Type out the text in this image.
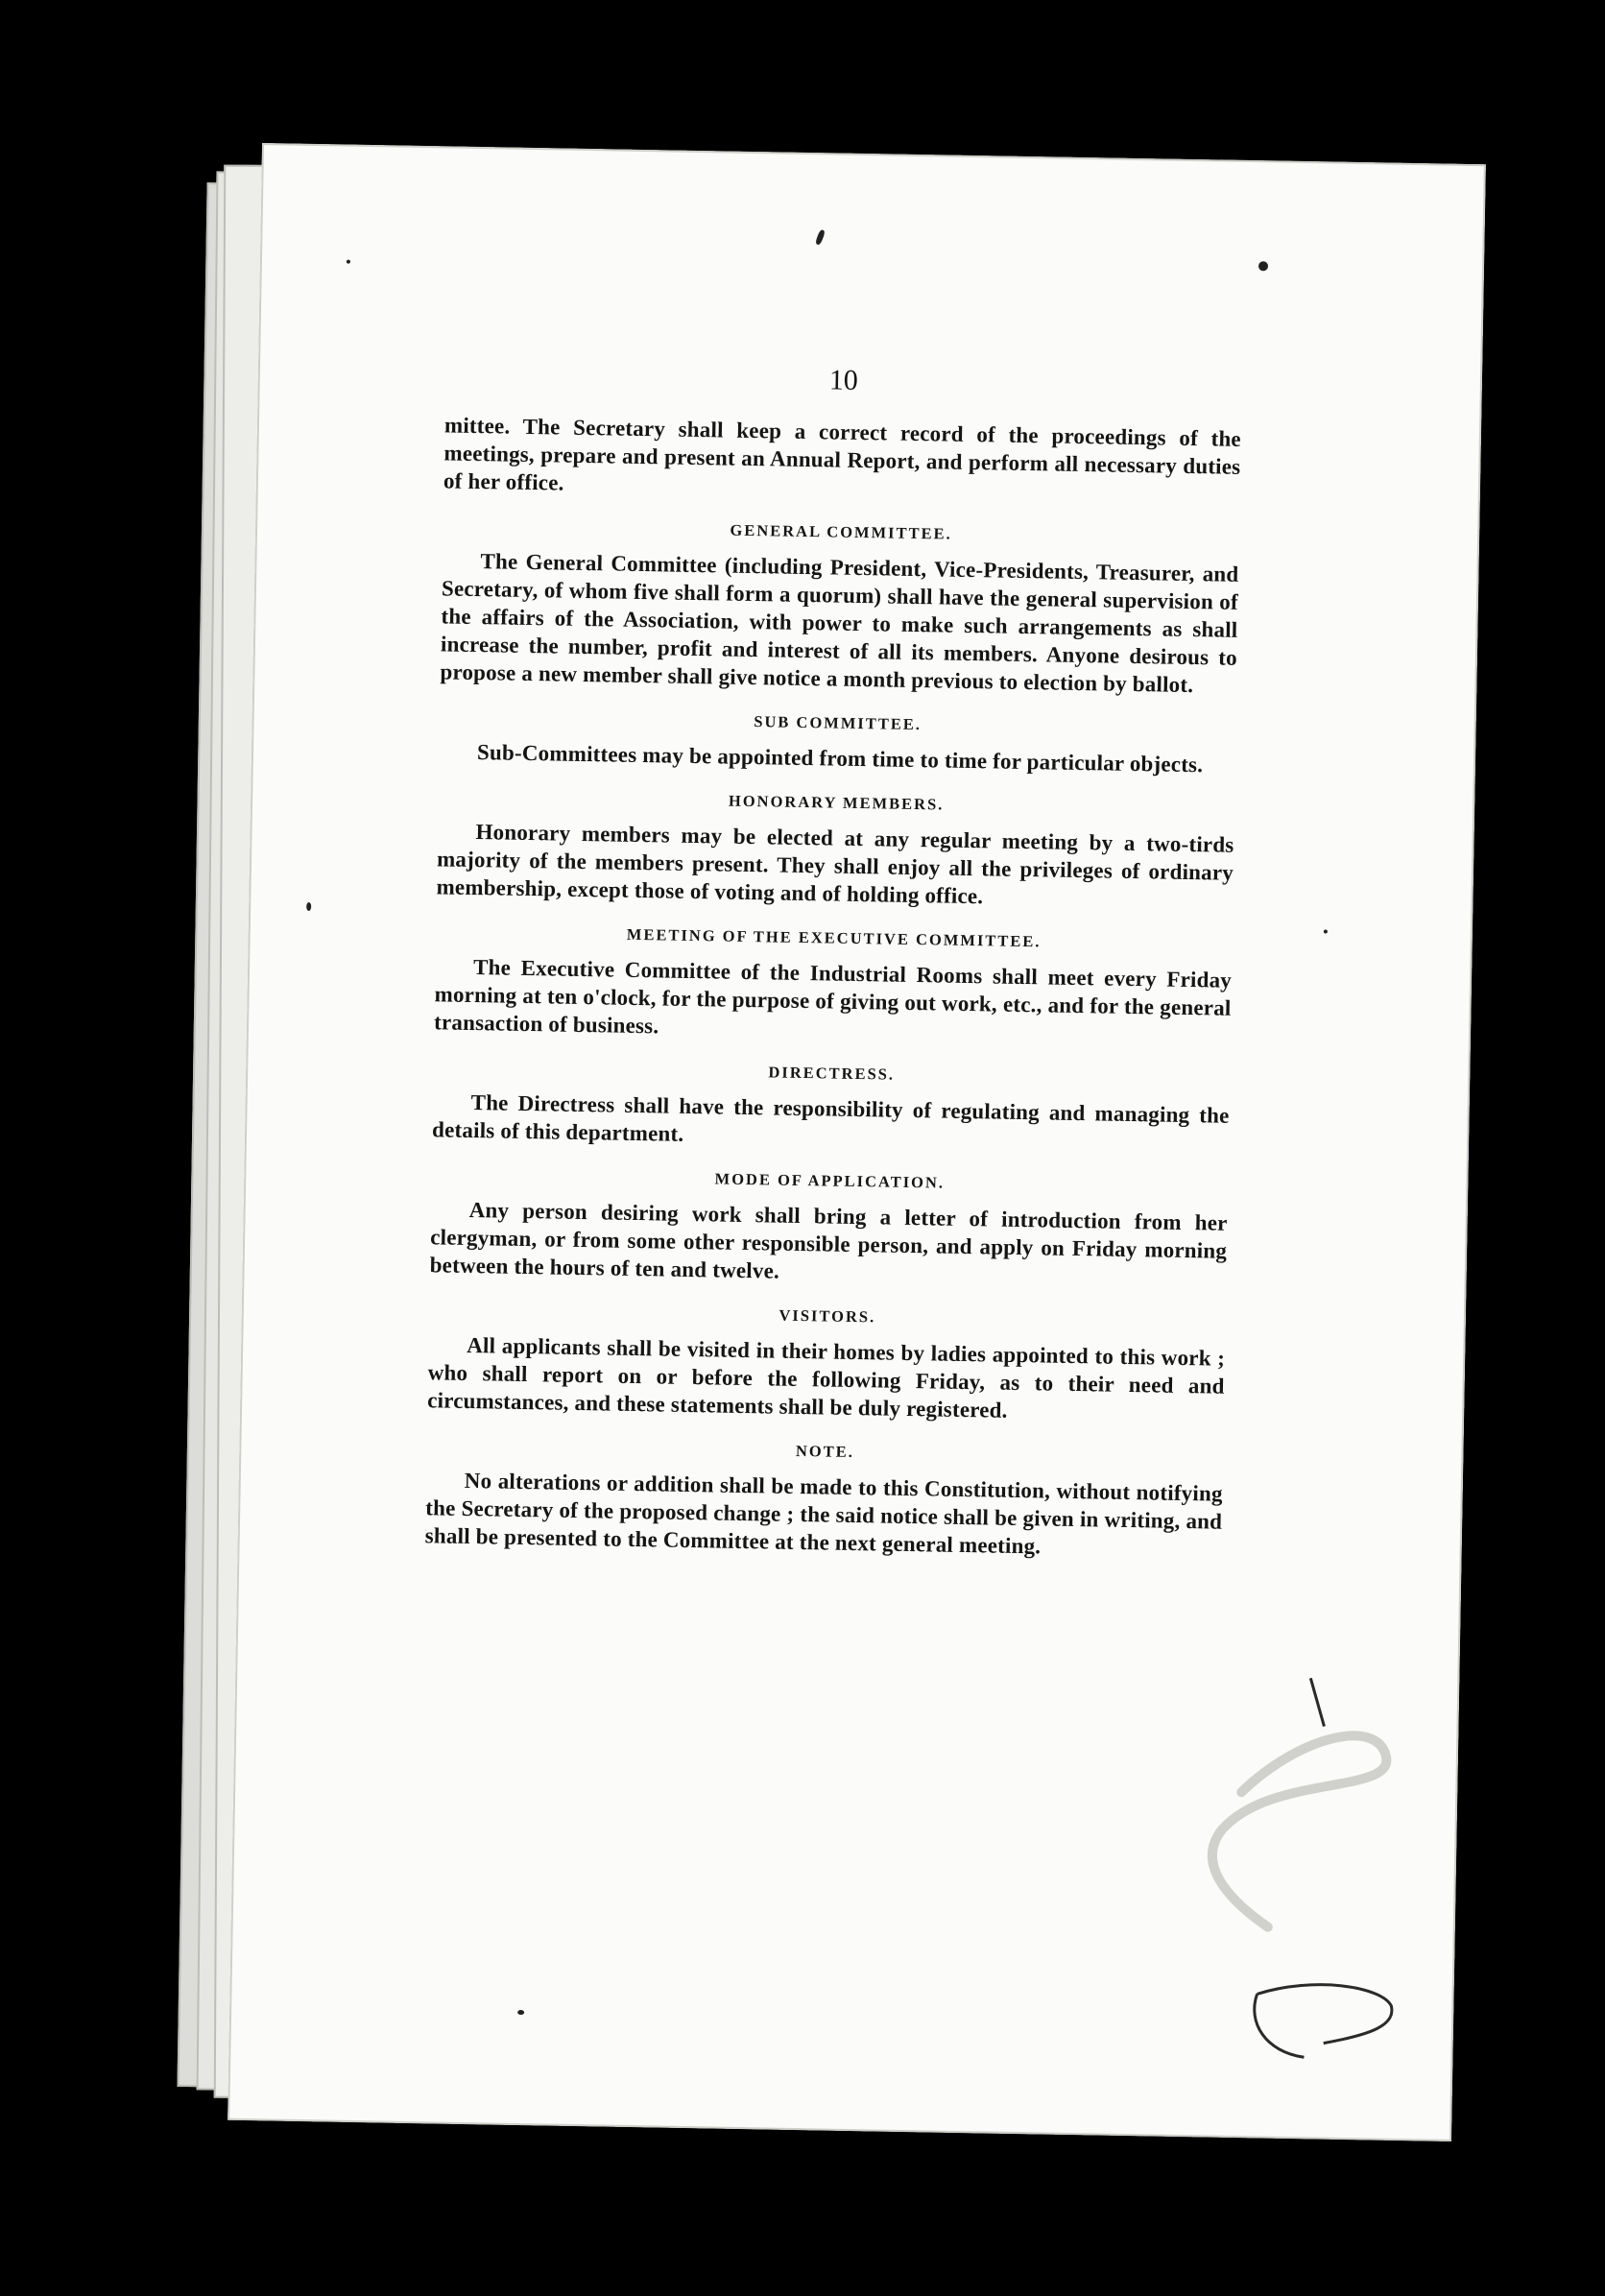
10

mittee. The Secretary shall keep a correct record of the proceedings of the meetings, prepare and present an Annual Report, and perform all necessary duties of her office.

GENERAL COMMITTEE.

The General Committee (including President, Vice-Presidents, Treasurer, and Secretary, of whom five shall form a quorum) shall have the general supervision of the affairs of the Association, with power to make such arrangements as shall increase the number, profit and interest of all its members. Anyone desirous to propose a new member shall give notice a month previous to election by ballot.

SUB COMMITTEE.

Sub-Committees may be appointed from time to time for particular objects.

HONORARY MEMBERS.

Honorary members may be elected at any regular meeting by a two-tirds majority of the members present. They shall enjoy all the privileges of ordinary membership, except those of voting and of holding office.

MEETING OF THE EXECUTIVE COMMITTEE.

The Executive Committee of the Industrial Rooms shall meet every Friday morning at ten o'clock, for the purpose of giving out work, etc., and for the general transaction of business.

DIRECTRESS.

The Directress shall have the responsibility of regulating and managing the details of this department.

MODE OF APPLICATION.

Any person desiring work shall bring a letter of introduction from her clergyman, or from some other responsible person, and apply on Friday morning between the hours of ten and twelve.

VISITORS.

All applicants shall be visited in their homes by ladies appointed to this work ; who shall report on or before the following Friday, as to their need and circumstances, and these statements shall be duly registered.

NOTE.

No alterations or addition shall be made to this Constitution, without notifying the Secretary of the proposed change ; the said notice shall be given in writing, and shall be presented to the Committee at the next general meeting.
